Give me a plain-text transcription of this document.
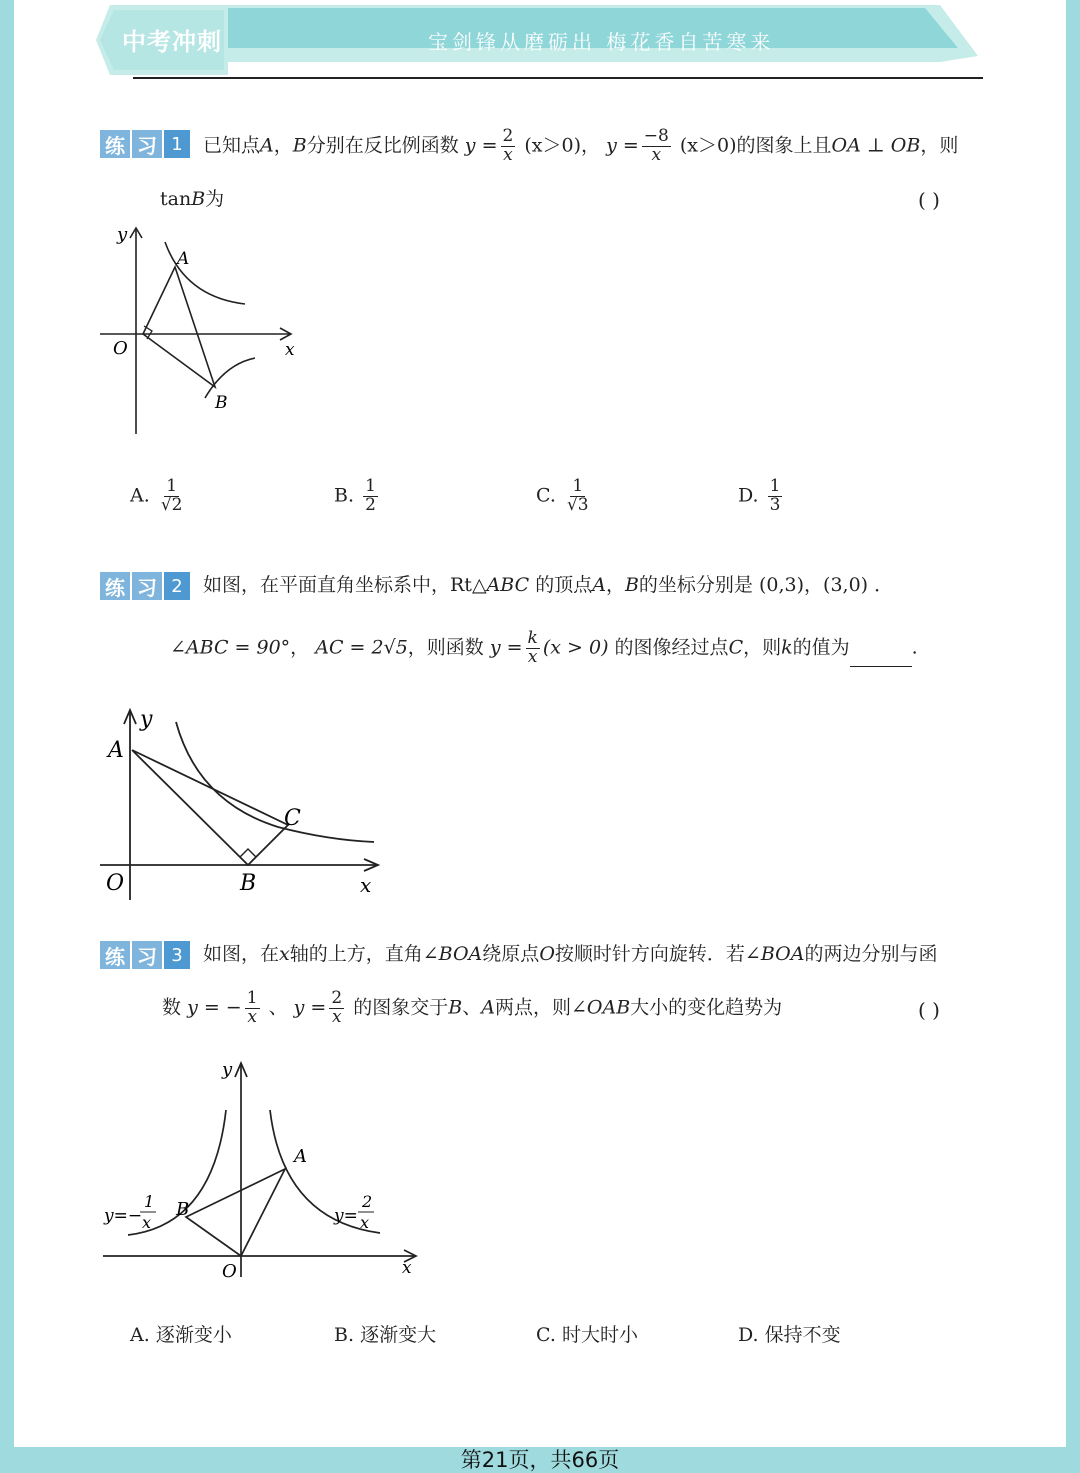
中考冲刺	宝剑锋从磨砺出 梅花香自苦寒来
练 习 1	已知点A，B分别在反比例函数 $y = \frac{2}{x} (x>0)$， $y = \frac{-8}{x} (x>0)$的图象上且OA ⊥ OB，则
tanB为	( )
y
A
O	x
B
A. $\frac{1}{√2}$	B. $\frac{1}{2}$	C. $\frac{1}{√3}$	D. $\frac{1}{3}$
练 习 2	如图，在平面直角坐标系中，Rt△ABC 的顶点A，B的坐标分别是 (0,3)，(3,0) ．
∠ABC = 90°， AC = 2√5，则函数 $y = \frac{k}{x} (x > 0)$ 的图像经过点C，则k的值为	.
y
A
O	B
C
x
练 习 3	如图，在x轴的上方，直角∠BOA绕原点O按顺时针方向旋转．若∠BOA的两边分别与函
数 y = − $\frac{1}{x}$ 、 $y = \frac{2}{x}$ 的图象交于B、A两点，则∠OAB大小的变化趋势为	( )
y
A
B
O	x
y=−
1
x	y=
2
x
A. 逐渐变小	B. 逐渐变大	C. 时大时小	D. 保持不变
第21页，共66页
